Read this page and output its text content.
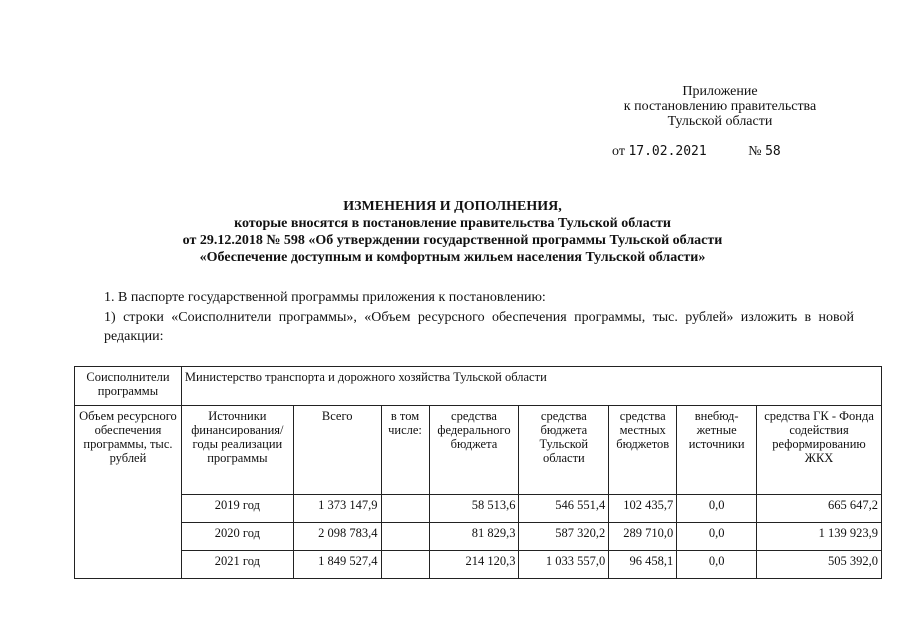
Приложение
к постановлению правительства
Тульской области
от 17.02.2021	№ 58
ИЗМЕНЕНИЯ И ДОПОЛНЕНИЯ,
которые вносятся в постановление правительства Тульской области
от 29.12.2018 № 598 «Об утверждении государственной программы Тульской области
«Обеспечение доступным и комфортным жильем населения Тульской области»
1. В паспорте государственной программы приложения к постановлению:
1) строки «Соисполнители программы», «Объем ресурсного обеспечения программы, тыс. рублей» изложить в новой редакции:
Соисполнители программы	Министерство транспорта и дорожного хозяйства Тульской области							
Объем ресурсного обеспечения программы, тыс. рублей	Источники финансирования/ годы реализации программы	Всего	в том числе:	средства федерального бюджета	средства бюджета Тульской области	средства местных бюджетов	внебюд-жетные источники	средства ГК - Фонда содействия реформированию ЖКХ
	2019 год	1 373 147,9		58 513,6	546 551,4	102 435,7	0,0	665 647,2
	2020 год	2 098 783,4		81 829,3	587 320,2	289 710,0	0,0	1 139 923,9
	2021 год	1 849 527,4		214 120,3	1 033 557,0	96 458,1	0,0	505 392,0
